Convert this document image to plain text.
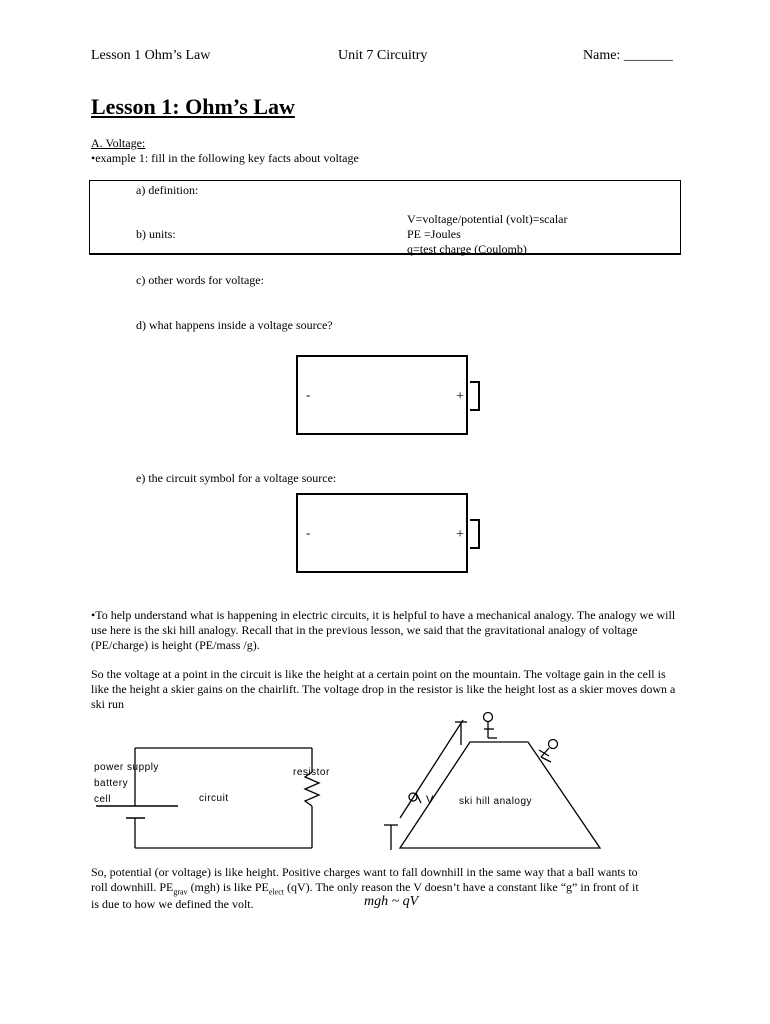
Lesson 1 Ohm’s Law	Unit 7 Circuitry	Name: _______
Lesson 1: Ohm’s Law
A. Voltage:
•example 1: fill in the following key facts about voltage
a) definition:
b) units:
V=voltage/potential (volt)=scalar
PE =Joules
q=test charge (Coulomb)
c) other words for voltage:
d) what happens inside a voltage source?
-	+
e) the circuit symbol for a voltage source:
-	+
•To help understand what is happening in electric circuits, it is helpful to have a mechanical analogy. The analogy we will use here is the ski hill analogy. Recall that in the previous lesson, we said that the gravitational analogy of voltage (PE/charge) is height (PE/mass /g).
So the voltage at a point in the circuit is like the height at a certain point on the mountain. The voltage gain in the cell is like the height a skier gains on the chairlift. The voltage drop in the resistor is like the height lost as a skier moves down a ski run
power supply
battery
cell	circuit
resistor
V	ski hill analogy
So, potential (or voltage) is like height. Positive charges want to fall downhill in the same way that a ball wants to
roll downhill. $PE_{grav}$ (mgh) is like $PE_{elect}$ (qV). The only reason the V doesn’t have a constant like “g” in front of it
is due to how we defined the volt.	mgh ~ qV
